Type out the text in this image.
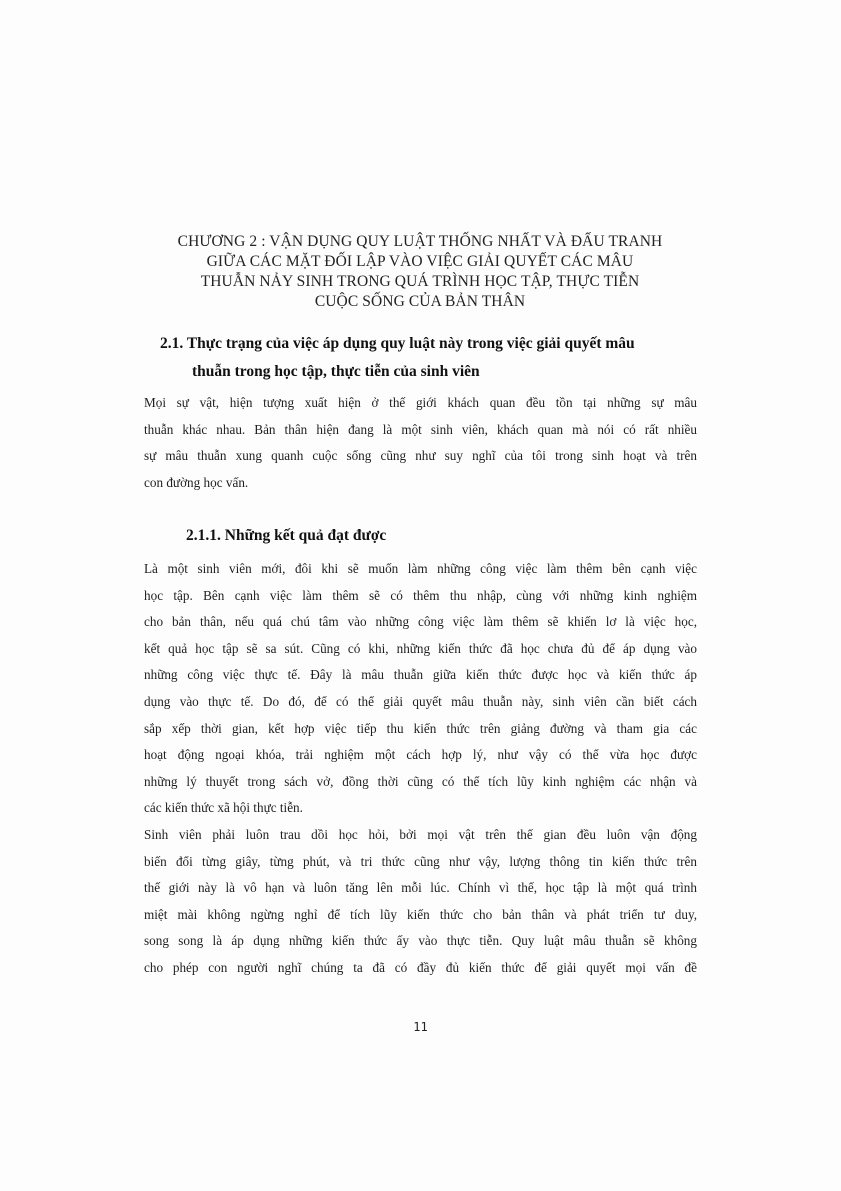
CHƯƠNG 2 : VẬN DỤNG QUY LUẬT THỐNG NHẤT VÀ ĐẤU TRANH
GIỮA CÁC MẶT ĐỐI LẬP VÀO VIỆC GIẢI QUYẾT CÁC MÂU
THUẪN NẢY SINH TRONG QUÁ TRÌNH HỌC TẬP, THỰC TIỄN
CUỘC SỐNG CỦA BẢN THÂN
2.1. Thực trạng của việc áp dụng quy luật này trong việc giải quyết mâu
thuẫn trong học tập, thực tiễn của sinh viên
Mọi sự vật, hiện tượng xuất hiện ở thế giới khách quan đều tồn tại những sự mâu
thuẫn khác nhau. Bản thân hiện đang là một sinh viên, khách quan mà nói có rất nhiều
sự mâu thuẫn xung quanh cuộc sống cũng như suy nghĩ của tôi trong sinh hoạt và trên
con đường học vấn.
2.1.1. Những kết quả đạt được
Là một sinh viên mới, đôi khi sẽ muốn làm những công việc làm thêm bên cạnh việc
học tập. Bên cạnh việc làm thêm sẽ có thêm thu nhập, cùng với những kinh nghiệm
cho bản thân, nếu quá chú tâm vào những công việc làm thêm sẽ khiến lơ là việc học,
kết quả học tập sẽ sa sút. Cũng có khi, những kiến thức đã học chưa đủ để áp dụng vào
những công việc thực tế. Đây là mâu thuẫn giữa kiến thức được học và kiến thức áp
dụng vào thực tế. Do đó, để có thể giải quyết mâu thuẫn này, sinh viên cần biết cách
sắp xếp thời gian, kết hợp việc tiếp thu kiến thức trên giảng đường và tham gia các
hoạt động ngoại khóa, trải nghiệm một cách hợp lý, như vậy có thể vừa học được
những lý thuyết trong sách vở, đồng thời cũng có thể tích lũy kinh nghiệm các nhận và
các kiến thức xã hội thực tiễn.
Sinh viên phải luôn trau dồi học hỏi, bởi mọi vật trên thế gian đều luôn vận động
biến đổi từng giây, từng phút, và tri thức cũng như vậy, lượng thông tin kiến thức trên
thế giới này là vô hạn và luôn tăng lên mỗi lúc. Chính vì thế, học tập là một quá trình
miệt mài không ngừng nghỉ để tích lũy kiến thức cho bản thân và phát triển tư duy,
song song là áp dụng những kiến thức ấy vào thực tiễn. Quy luật mâu thuẫn sẽ không
cho phép con người nghĩ chúng ta đã có đầy đủ kiến thức để giải quyết mọi vấn đề
11
